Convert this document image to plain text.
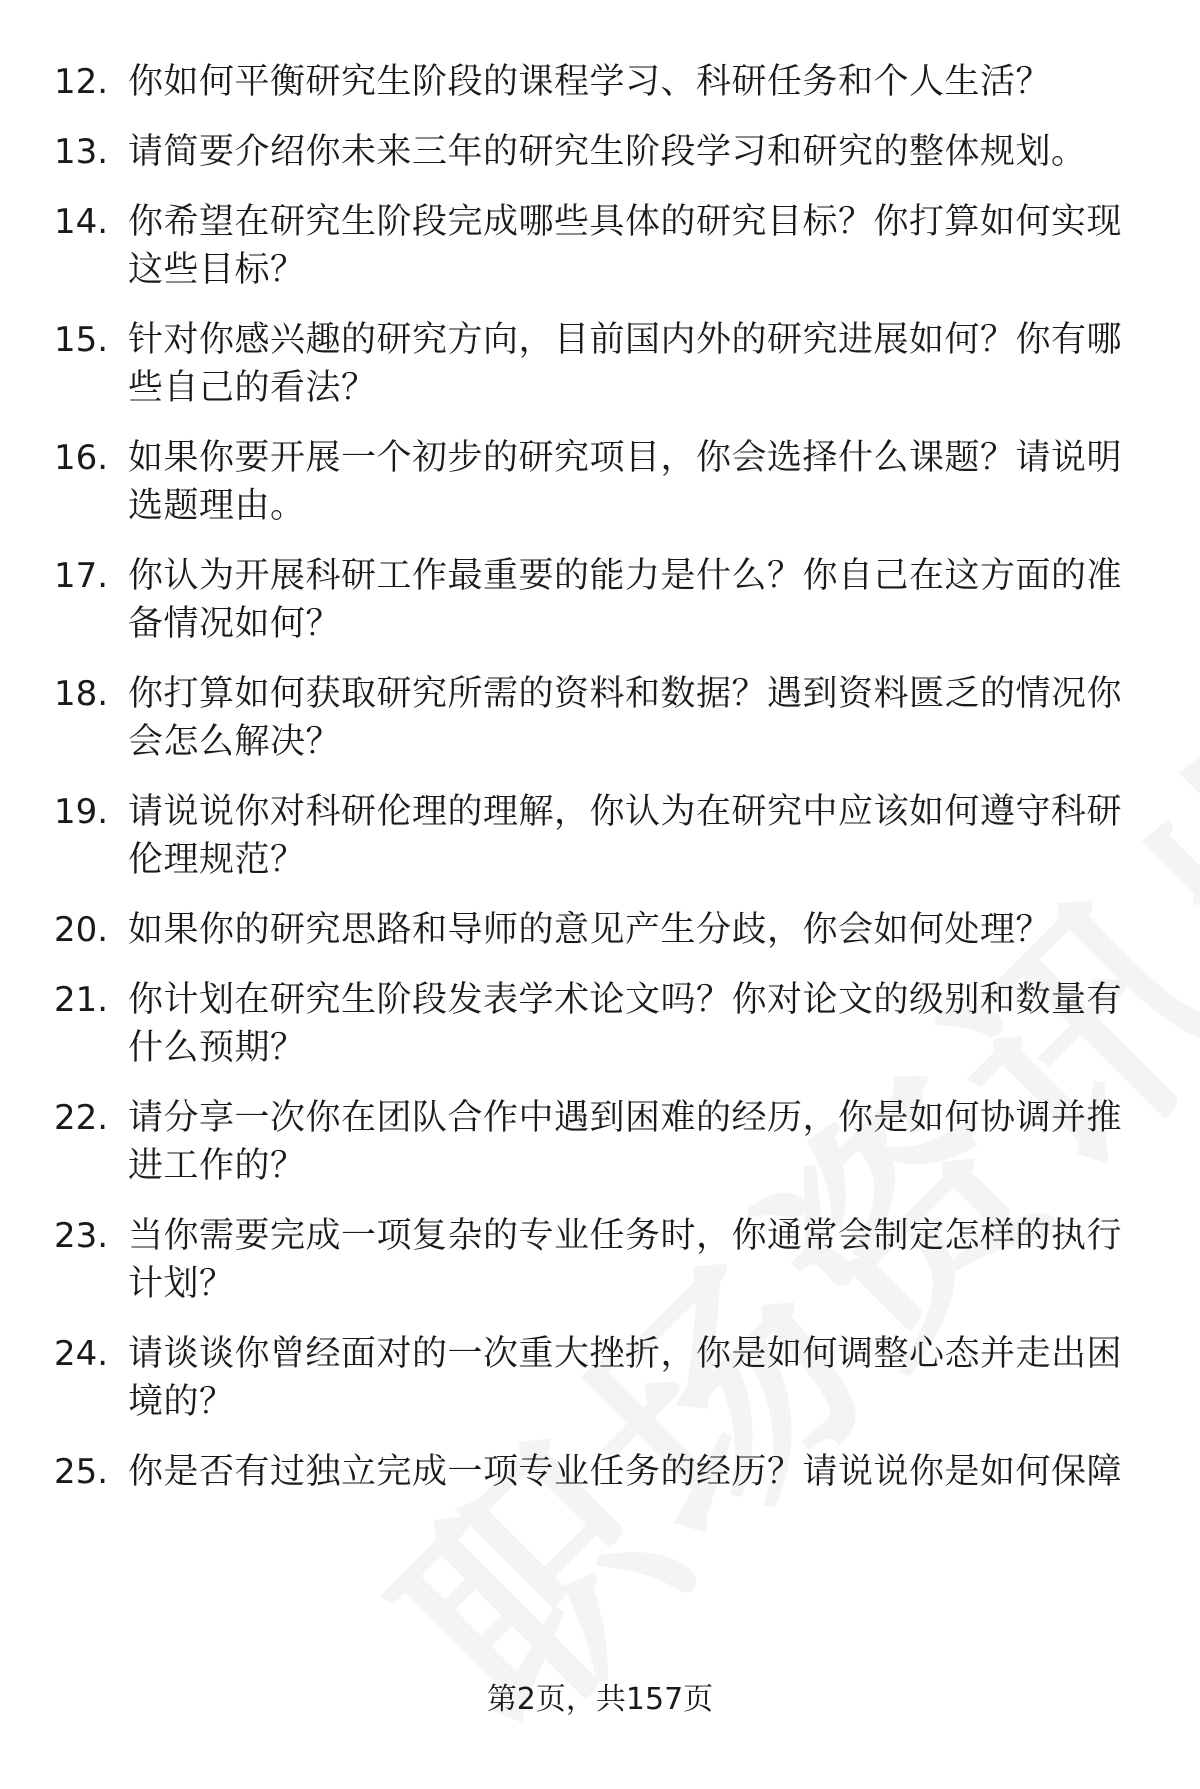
12. 你如何平衡研究生阶段的课程学习、科研任务和个人生活？
13. 请简要介绍你未来三年的研究生阶段学习和研究的整体规划。
14. 你希望在研究生阶段完成哪些具体的研究目标？你打算如何实现这些目标？
15. 针对你感兴趣的研究方向，目前国内外的研究进展如何？你有哪些自己的看法？
16. 如果你要开展一个初步的研究项目，你会选择什么课题？请说明选题理由。
17. 你认为开展科研工作最重要的能力是什么？你自己在这方面的准备情况如何？
18. 你打算如何获取研究所需的资料和数据？遇到资料匮乏的情况你会怎么解决？
19. 请说说你对科研伦理的理解，你认为在研究中应该如何遵守科研伦理规范？
20. 如果你的研究思路和导师的意见产生分歧，你会如何处理？
21. 你计划在研究生阶段发表学术论文吗？你对论文的级别和数量有什么预期？
22. 请分享一次你在团队合作中遇到困难的经历，你是如何协调并推进工作的？
23. 当你需要完成一项复杂的专业任务时，你通常会制定怎样的执行计划？
24. 请谈谈你曾经面对的一次重大挫折，你是如何调整心态并走出困境的？
25. 你是否有过独立完成一项专业任务的经历？请说说你是如何保障
第2页，共157页
